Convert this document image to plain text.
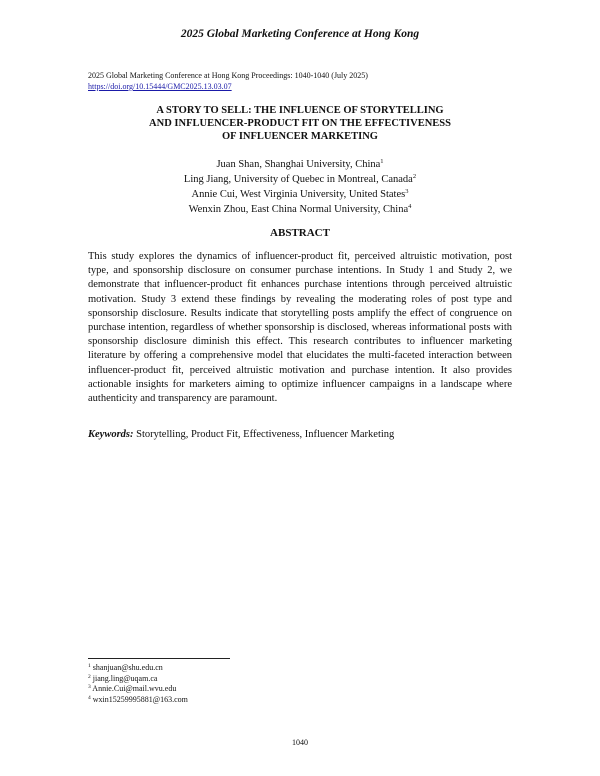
2025 Global Marketing Conference at Hong Kong
2025 Global Marketing Conference at Hong Kong Proceedings: 1040-1040 (July 2025)
https://doi.org/10.15444/GMC2025.13.03.07
A STORY TO SELL: THE INFLUENCE OF STORYTELLING
AND INFLUENCER-PRODUCT FIT ON THE EFFECTIVENESS
OF INFLUENCER MARKETING
Juan Shan, Shanghai University, China$^1$
Ling Jiang, University of Quebec in Montreal, Canada$^2$
Annie Cui, West Virginia University, United States$^3$
Wenxin Zhou, East China Normal University, China$^4$
ABSTRACT

This study explores the dynamics of influencer-product fit, perceived altruistic motivation, post type, and sponsorship disclosure on consumer purchase intentions. In Study 1 and Study 2, we demonstrate that influencer-product fit enhances purchase intentions through perceived altruistic motivation. Study 3 extend these findings by revealing the moderating roles of post type and sponsorship disclosure. Results indicate that storytelling posts amplify the effect of congruence on purchase intention, regardless of whether sponsorship is disclosed, whereas informational posts with sponsorship disclosure diminish this effect. This research contributes to influencer marketing literature by offering a comprehensive model that elucidates the multi-faceted interaction between influencer-product fit, perceived altruistic motivation and purchase intention. It also provides actionable insights for marketers aiming to optimize influencer campaigns in a landscape where authenticity and transparency are paramount.

Keywords: Storytelling, Product Fit, Effectiveness, Influencer Marketing
$^1$ shanjuan@shu.edu.cn
$^2$ jiang.ling@uqam.ca
$^3$ Annie.Cui@mail.wvu.edu
$^4$ wxin15259995881@163.com
1040
